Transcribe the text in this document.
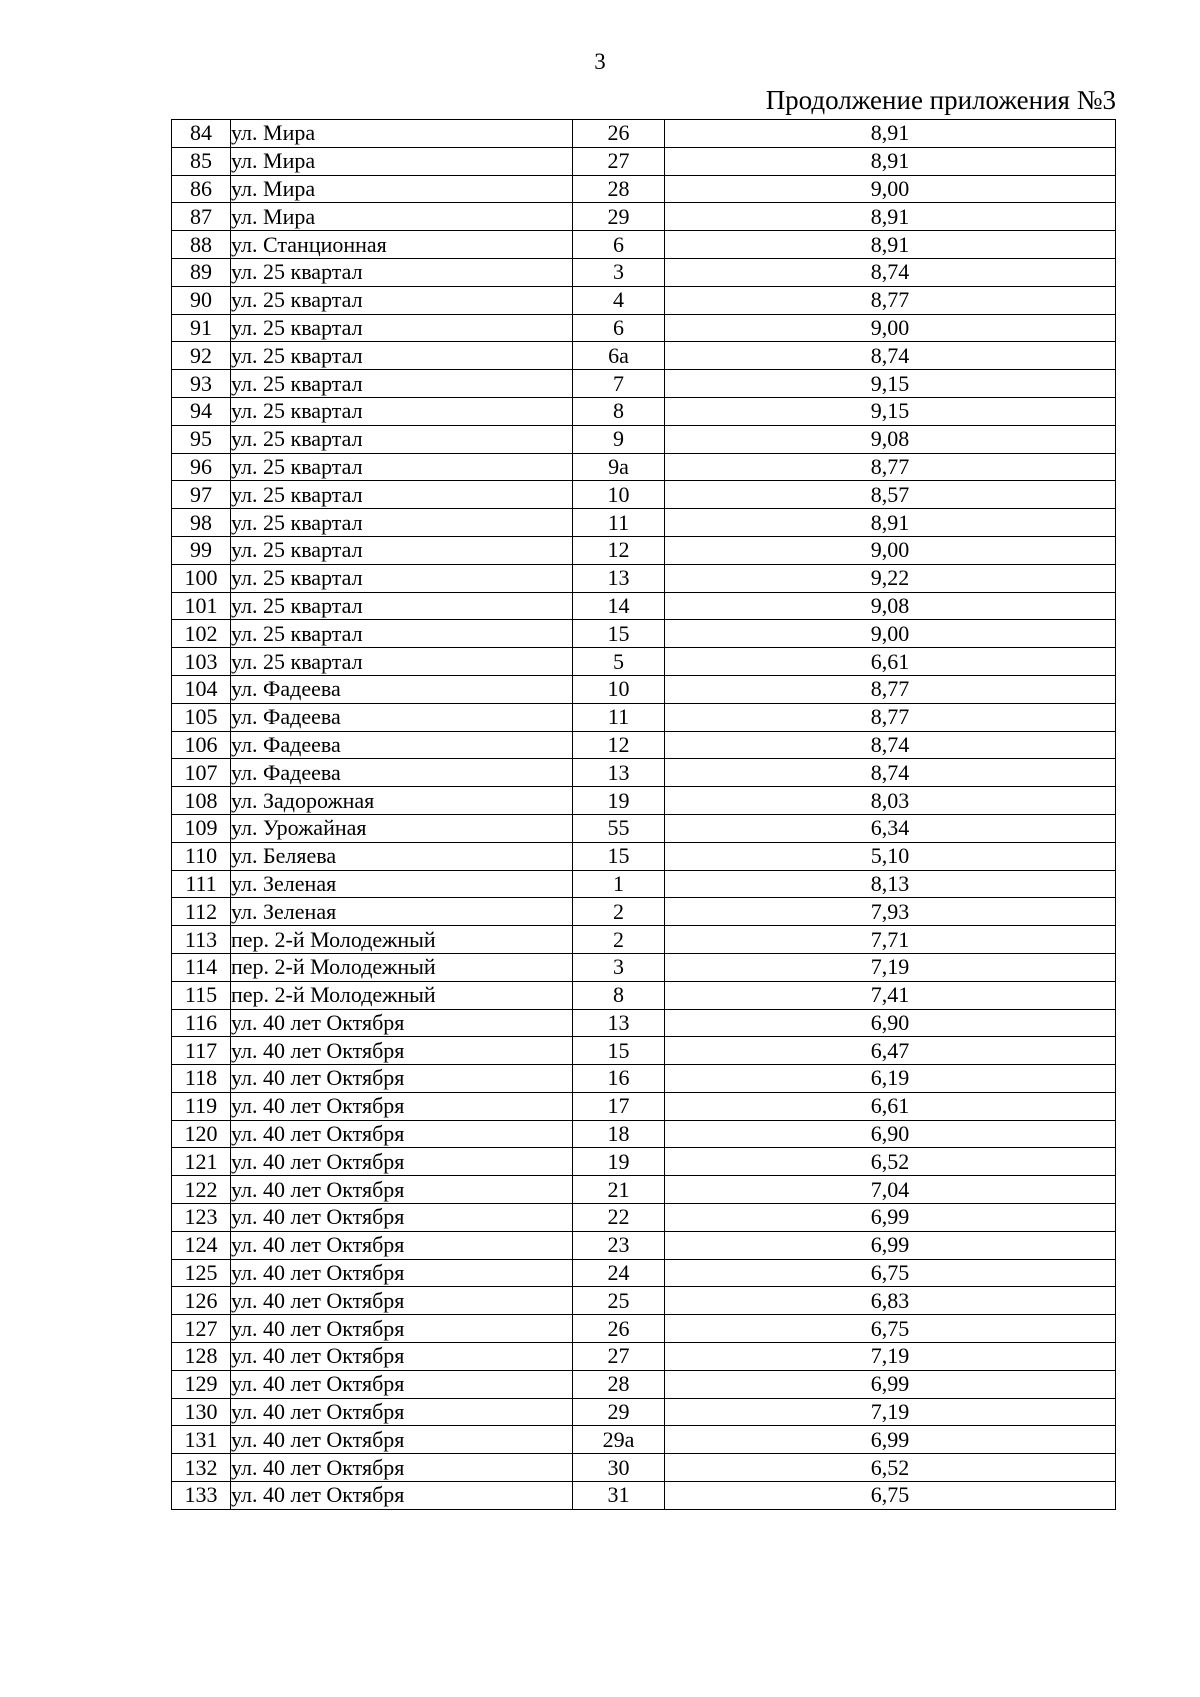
3
Продолжение приложения №3
84	ул. Мира	26	8,91
85	ул. Мира	27	8,91
86	ул. Мира	28	9,00
87	ул. Мира	29	8,91
88	ул. Станционная	6	8,91
89	ул. 25 квартал	3	8,74
90	ул. 25 квартал	4	8,77
91	ул. 25 квартал	6	9,00
92	ул. 25 квартал	6а	8,74
93	ул. 25 квартал	7	9,15
94	ул. 25 квартал	8	9,15
95	ул. 25 квартал	9	9,08
96	ул. 25 квартал	9а	8,77
97	ул. 25 квартал	10	8,57
98	ул. 25 квартал	11	8,91
99	ул. 25 квартал	12	9,00
100	ул. 25 квартал	13	9,22
101	ул. 25 квартал	14	9,08
102	ул. 25 квартал	15	9,00
103	ул. 25 квартал	5	6,61
104	ул. Фадеева	10	8,77
105	ул. Фадеева	11	8,77
106	ул. Фадеева	12	8,74
107	ул. Фадеева	13	8,74
108	ул. Задорожная	19	8,03
109	ул. Урожайная	55	6,34
110	ул. Беляева	15	5,10
111	ул. Зеленая	1	8,13
112	ул. Зеленая	2	7,93
113	пер. 2-й Молодежный	2	7,71
114	пер. 2-й Молодежный	3	7,19
115	пер. 2-й Молодежный	8	7,41
116	ул. 40 лет Октября	13	6,90
117	ул. 40 лет Октября	15	6,47
118	ул. 40 лет Октября	16	6,19
119	ул. 40 лет Октября	17	6,61
120	ул. 40 лет Октября	18	6,90
121	ул. 40 лет Октября	19	6,52
122	ул. 40 лет Октября	21	7,04
123	ул. 40 лет Октября	22	6,99
124	ул. 40 лет Октября	23	6,99
125	ул. 40 лет Октября	24	6,75
126	ул. 40 лет Октября	25	6,83
127	ул. 40 лет Октября	26	6,75
128	ул. 40 лет Октября	27	7,19
129	ул. 40 лет Октября	28	6,99
130	ул. 40 лет Октября	29	7,19
131	ул. 40 лет Октября	29а	6,99
132	ул. 40 лет Октября	30	6,52
133	ул. 40 лет Октября	31	6,75
